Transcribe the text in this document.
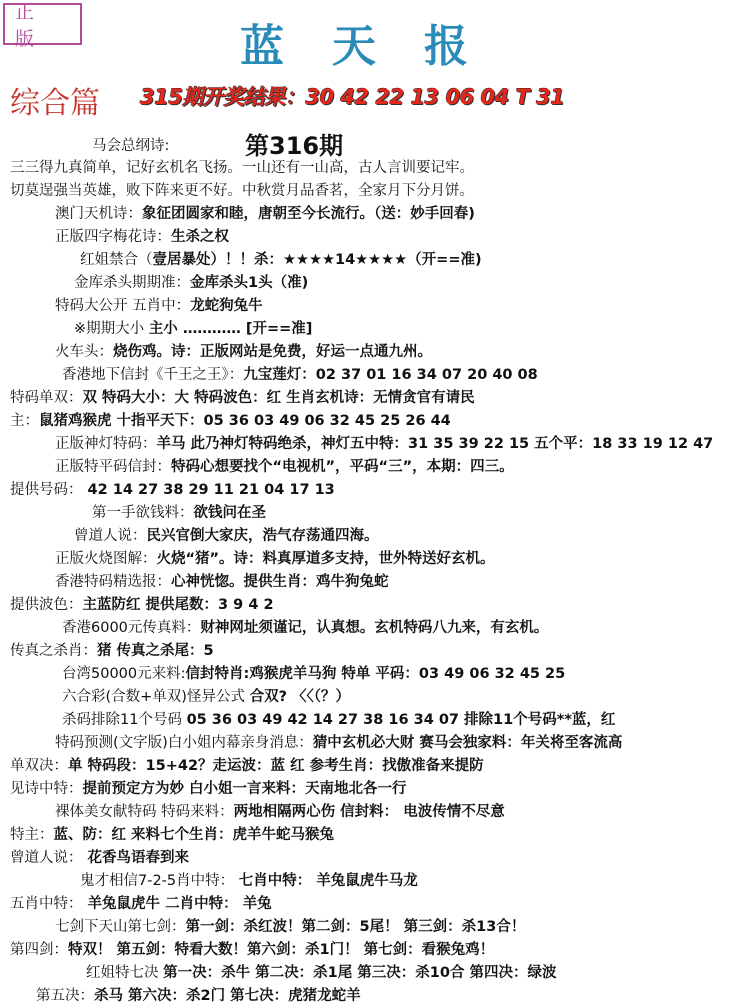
正版	蓝天报
综合篇 315期开奖结果：30 42 22 13 06 04 T 31
第316期
马会总纲诗:
三三得九真简单，记好玄机名飞扬。一山还有一山高，古人言训要记牢。
切莫逞强当英雄，败下阵来更不好。中秋赏月品香茗，全家月下分月饼。
澳门天机诗：象征团圆家和睦，唐朝至今长流行。（送：妙手回春)
正版四字梅花诗：生杀之权
红姐禁合（壹居暴处）！！杀：★★★★14★★★★（开==准)
金库杀头期期准：金库杀头1头（准)
特码大公开 五肖中：龙蛇狗兔牛
※期期大小 主小 ………… [开==准]
火车头：烧伤鸡。诗：正版网站是免费，好运一点通九州。
香港地下信封《千王之王》：九宝莲灯：02 37 01 16 34 07 20 40 08
特码单双：双 特码大小：大 特码波色：红 生肖玄机诗：无情贪官有请民
主：鼠猪鸡猴虎 十指平天下：05 36 03 49 06 32 45 25 26 44
正版神灯特码：羊马 此乃神灯特码绝杀，神灯五中特：31 35 39 22 15 五个平：18 33 19 12 47
正版特平码信封：特码心想要找个“电视机”，平码“三”，本期：四三。
提供号码： 42 14 27 38 29 11 21 04 17 13
第一手欲钱料：欲钱问在圣
曾道人说：民兴官倒大家庆，浩气存荡通四海。
正版火烧图解：火烧“猪”。诗：料真厚道多支持，世外特送好玄机。
香港特码精选报：心神恍惚。提供生肖：鸡牛狗兔蛇
提供波色：主蓝防红 提供尾数：3 9 4 2
香港6000元传真料：财神网址须谨记，认真想。玄机特码八九来，有玄机。
传真之杀肖：猪 传真之杀尾：5
台湾50000元来料:信封特肖:鸡猴虎羊马狗 特单 平码：03 49 06 32 45 25
六合彩(合数+单双)怪异公式 合双? 〈〈（？）
杀码排除11个号码 05 36 03 49 42 14 27 38 16 34 07 排除11个号码**蓝，红
特码预测(文字版)白小姐内幕亲身消息：猜中玄机必大财 赛马会独家料：年关将至客流高
单双决：单 特码段：15+42？走运波：蓝 红 参考生肖：找傲准备来提防
见诗中特：提前预定方为妙 白小姐一言来料：天南地北各一行
裸体美女献特码 特码来料：两地相隔两心伤 信封料： 电波传情不尽意
特主：蓝、防：红 来料七个生肖：虎羊牛蛇马猴兔
曾道人说： 花香鸟语春到来
鬼才相信7-2-5肖中特： 七肖中特： 羊兔鼠虎牛马龙
五肖中特： 羊兔鼠虎牛 二肖中特： 羊兔
七剑下天山第七剑：第一剑：杀红波！第二剑：5尾！ 第三剑：杀13合！
第四剑：特双！ 第五剑：特看大数！第六剑：杀1门！ 第七剑：看猴兔鸡！
红姐特七决 第一决：杀牛 第二决：杀1尾 第三决：杀10合 第四决：绿波
第五决：杀马 第六决：杀2门 第七决：虎猪龙蛇羊
